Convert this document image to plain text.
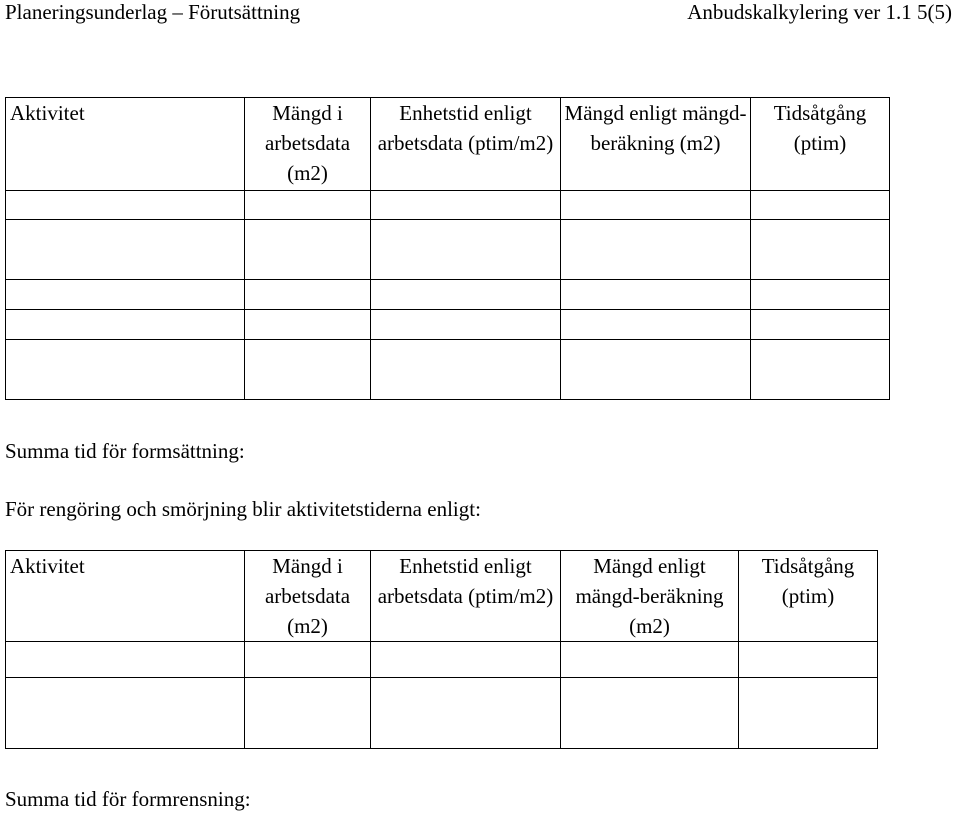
Planeringsunderlag – Förutsättning	Anbudskalkylering ver 1.1 5(5)
Aktivitet	Mängd i arbetsdata (m2)	Enhetstid enligt arbetsdata (ptim/m2)	Mängd enligt mängd-beräkning (m2)	Tidsåtgång (ptim)

Summa tid för formsättning:
För rengöring och smörjning blir aktivitetstiderna enligt:
Aktivitet	Mängd i arbetsdata (m2)	Enhetstid enligt arbetsdata (ptim/m2)	Mängd enligt mängd-beräkning (m2)	Tidsåtgång (ptim)

Summa tid för formrensning:
